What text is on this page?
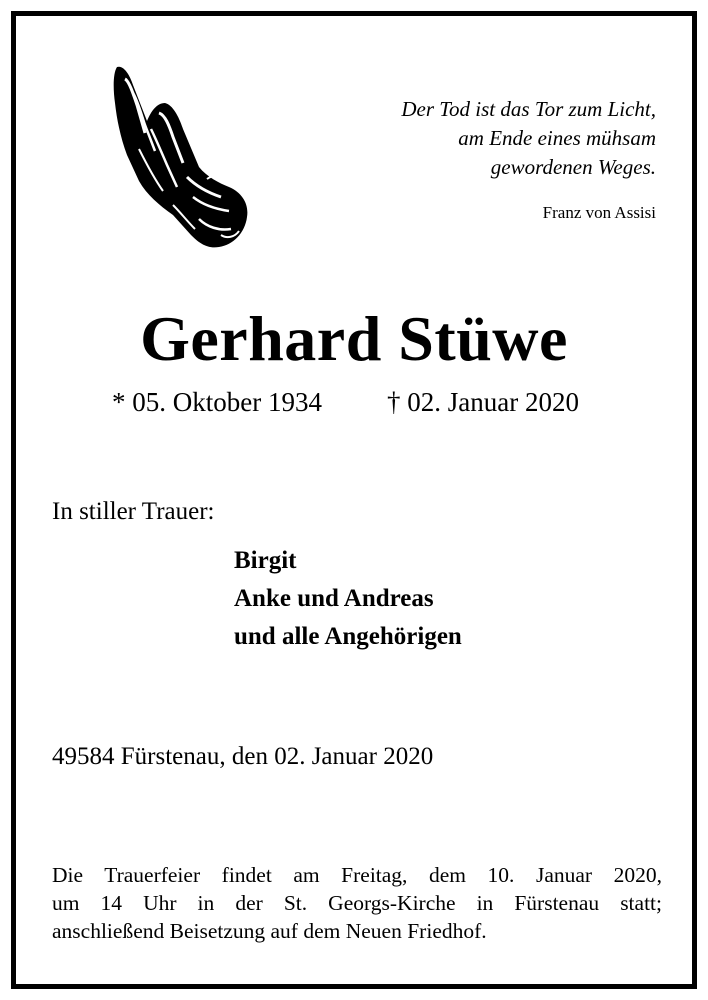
Der Tod ist das Tor zum Licht,
am Ende eines mühsam
gewordenen Weges.
Franz von Assisi
Gerhard Stüwe
* 05. Oktober 1934 † 02. Januar 2020
In stiller Trauer:
Birgit
Anke und Andreas
und alle Angehörigen
49584 Fürstenau, den 02. Januar 2020
Die Trauerfeier findet am Freitag, dem 10. Januar 2020,
um 14 Uhr in der St. Georgs-Kirche in Fürstenau statt;
anschließend Beisetzung auf dem Neuen Friedhof.
